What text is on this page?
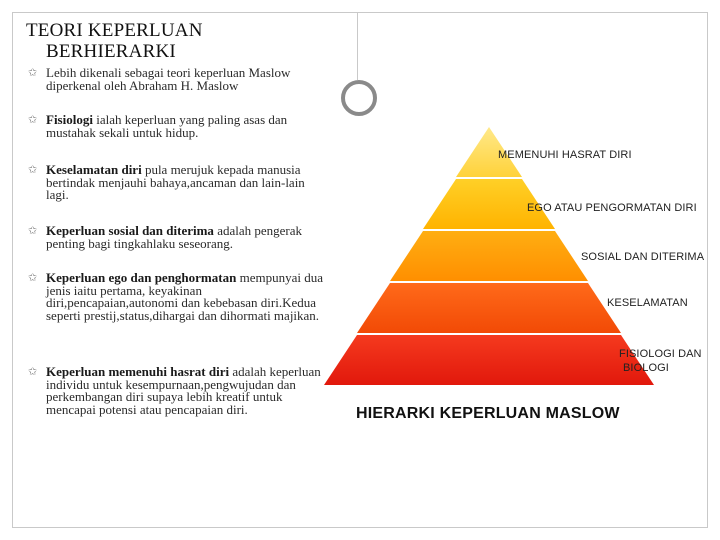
TEORI KEPERLUAN

BERHIERARKI
✩ Lebih dikenali sebagai teori keperluan Maslow diperkenal oleh Abraham H. Maslow
✩ Fisiologi ialah keperluan yang paling asas dan mustahak sekali untuk hidup.
✩ Keselamatan diri pula merujuk kepada manusia bertindak menjauhi bahaya,ancaman dan lain-lain lagi.
✩ Keperluan sosial dan diterima adalah pengerak penting bagi tingkahlaku seseorang.
✩ Keperluan ego dan penghormatan mempunyai dua jenis iaitu pertama, keyakinan diri,pencapaian,autonomi dan kebebasan diri.Kedua seperti prestij,status,dihargai dan dihormati majikan.
✩ Keperluan memenuhi hasrat diri adalah keperluan individu untuk kesempurnaan,pengwujudan dan perkembangan diri supaya lebih kreatif untuk mencapai potensi atau pencapaian diri.
MEMENUHI HASRAT DIRI
EGO ATAU PENGORMATAN DIRI
SOSIAL DAN DITERIMA
KESELAMATAN
FISIOLOGI DAN
BIOLOGI
HIERARKI KEPERLUAN MASLOW
